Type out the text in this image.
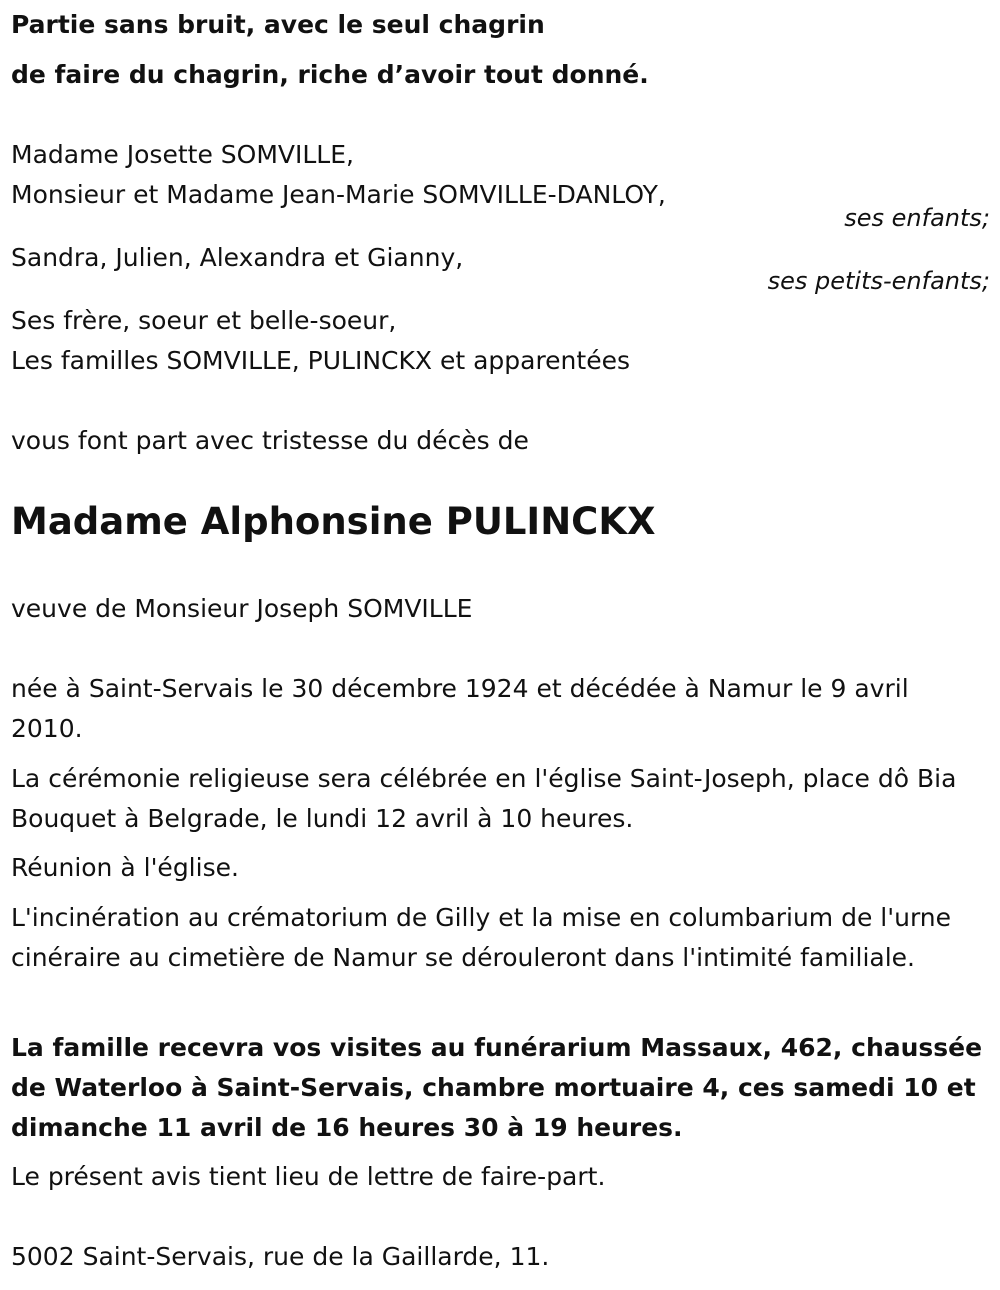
Partie sans bruit, avec le seul chagrin

de faire du chagrin, riche d’avoir tout donné.

Madame Josette SOMVILLE,

Monsieur et Madame Jean-Marie SOMVILLE-DANLOY,

ses enfants;

Sandra, Julien, Alexandra et Gianny,

ses petits-enfants;

Ses frère, soeur et belle-soeur,

Les familles SOMVILLE, PULINCKX et apparentées

vous font part avec tristesse du décès de

Madame Alphonsine PULINCKX

veuve de Monsieur Joseph SOMVILLE

née à Saint-Servais le 30 décembre 1924 et décédée à Namur le 9 avril 2010.

La cérémonie religieuse sera célébrée en l'église Saint-Joseph, place dô Bia Bouquet à Belgrade, le lundi 12 avril à 10 heures.

Réunion à l'église.

L'incinération au crématorium de Gilly et la mise en columbarium de l'urne cinéraire au cimetière de Namur se dérouleront dans l'intimité familiale.

La famille recevra vos visites au funérarium Massaux, 462, chaussée de Waterloo à Saint-Servais, chambre mortuaire 4, ces samedi 10 et dimanche 11 avril de 16 heures 30 à 19 heures.

Le présent avis tient lieu de lettre de faire-part.

5002 Saint-Servais, rue de la Gaillarde, 11.
